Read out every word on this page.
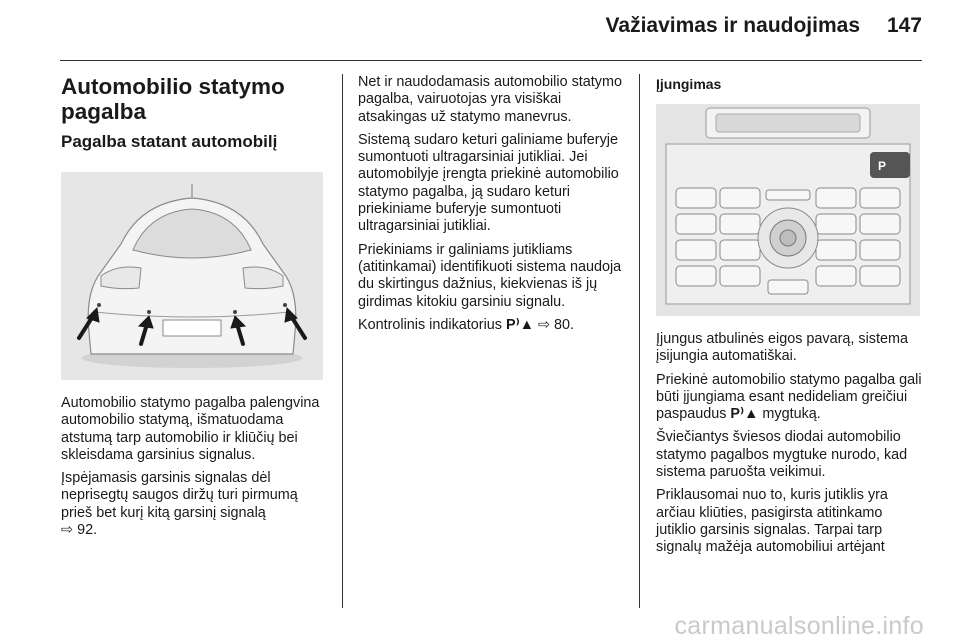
Važiavimas ir naudojimas	147
Automobilio statymo pagalba
Pagalba statant automobilį

Automobilio statymo pagalba palengvina automobilio statymą, išmatuodama atstumą tarp automobilio ir kliūčių bei skleisdama garsinius signalus.

Įspėjamasis garsinis signalas dėl neprisegtų saugos diržų turi pirmumą prieš bet kurį kitą garsinį signalą
⇨ 92.

Net ir naudodamasis automobilio statymo pagalba, vairuotojas yra visiškai atsakingas už statymo manevrus.

Sistemą sudaro keturi galiniame buferyje sumontuoti ultragarsiniai jutikliai. Jei automobilyje įrengta priekinė automobilio statymo pagalba, ją sudaro keturi priekiniame buferyje sumontuoti ultragarsiniai jutikliai.

Priekiniams ir galiniams jutikliams (atitinkamai) identifikuoti sistema naudoja du skirtingus dažnius, kiekvienas iš jų girdimas kitokiu garsiniu signalu.

Kontrolinis indikatorius P⁾▲ ⇨ 80.

Įjungimas
P

Įjungus atbulinės eigos pavarą, sistema įsijungia automatiškai.

Priekinė automobilio statymo pagalba gali būti įjungiama esant nedideliam greičiui paspaudus P⁾▲ mygtuką.

Šviečiantys šviesos diodai automobilio statymo pagalbos mygtuke nurodo, kad sistema paruošta veikimui.

Priklausomai nuo to, kuris jutiklis yra arčiau kliūties, pasigirsta atitinkamo jutiklio garsinis signalas. Tarpai tarp signalų mažėja automobiliui artėjant

carmanualsonline.info
